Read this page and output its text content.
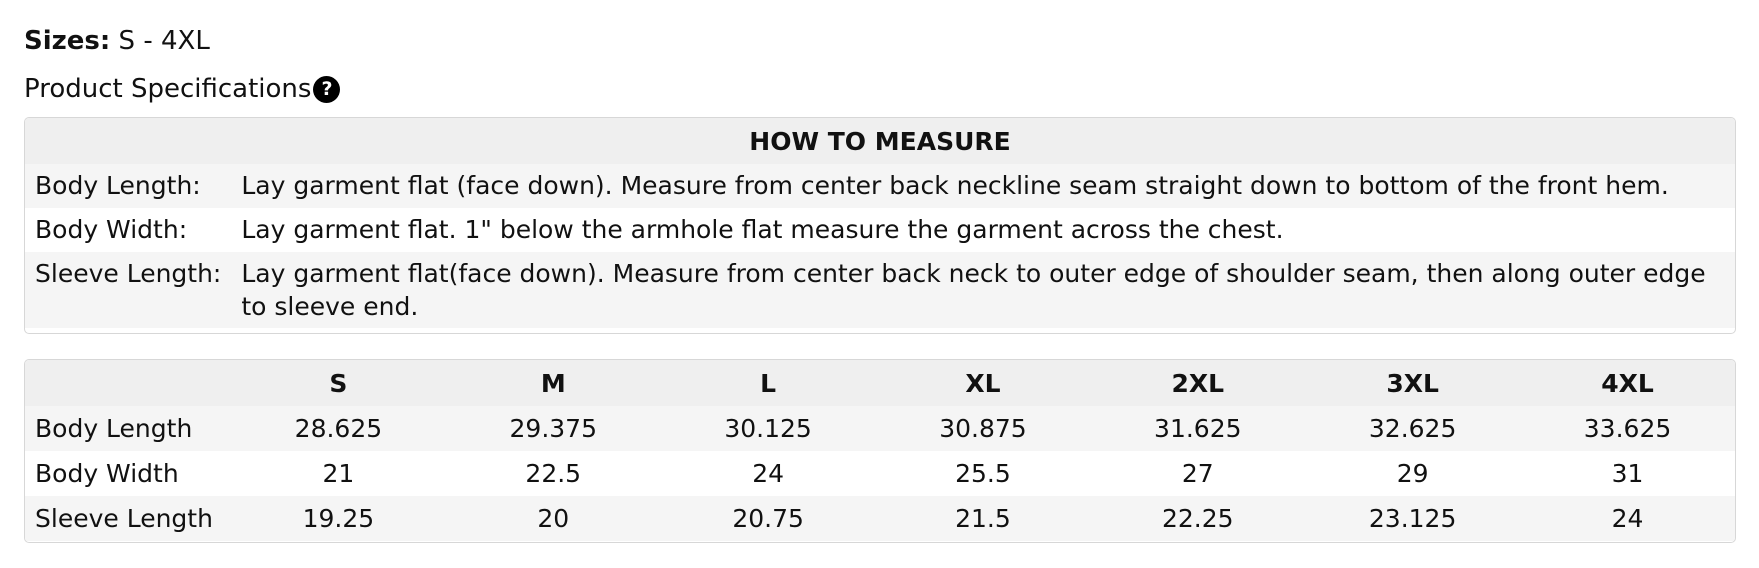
Sizes: S - 4XL
Product Specifications ?
HOW TO MEASURE	
Body Length:	Lay garment flat (face down). Measure from center back neckline seam straight down to bottom of the front hem.
Body Width:	Lay garment flat. 1" below the armhole flat measure the garment across the chest.
Sleeve Length:	Lay garment flat(face down). Measure from center back neck to outer edge of shoulder seam, then along outer edge to sleeve end.
	S	M	L	XL	2XL	3XL	4XL
Body Length	28.625	29.375	30.125	30.875	31.625	32.625	33.625
Body Width	21	22.5	24	25.5	27	29	31
Sleeve Length	19.25	20	20.75	21.5	22.25	23.125	24
